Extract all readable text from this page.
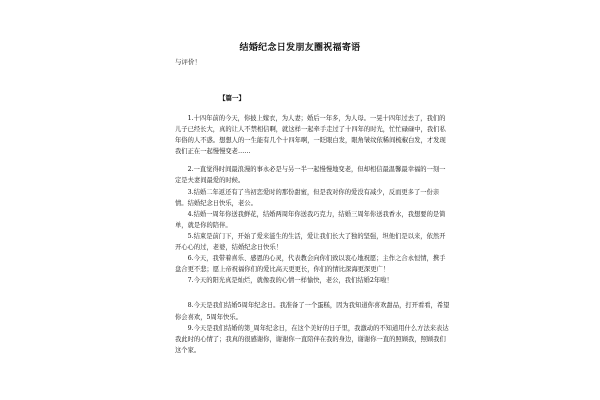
结婚纪念日发朋友圈祝福寄语
与评价！
【篇一】

1.十四年前的今天，你披上嫁衣，为人妻；婚后一年多，为人母。一晃十四年过去了，我们的儿子已经长大，真的让人不禁相信啊，就这样一起牵手走过了十四年的时光，忙忙碌碌中，我们私年俗的人不惑。想想人的一生能有几个十四年啊，一眨眼白发，眼角皱纹依稀间梳椒白发，才发现我们正在一起慢慢变老……

2.一直觉得时间最浪漫的事永必是与另一半一起慢慢地变老，但却相信最温馨最幸福的一刻一定是夫妻间最爱的时候。

3.结婚二年返还有了当初恋爱时的那份甜蜜，但是我对你的爱没有减少，反而更多了一份亲情。结婚纪念日快乐，老公。

4.结婚一周年你送我鲜花，结婚两周年你送我巧克力，结婚三周年你送我香水，我想要的是简单，就是你的陪伴。

5.结束是前门下，开始了爱来滋生的生活，爱让我们长大了独的坚强，坦他们是以来，依然开开心心的过，老婆，结婚纪念日快乐！

6.今天，我带着喜乐、感恩的心灵，代表教会向你们致以衷心地祝愿；主作之合永恒情，携手盘合更不悲；愿上帝祝福你们的爱比高天更更长，你们的情比深海更深更广！

7.今天的阳光真是灿烂，就像我的心情一样愉快，老公，我们结婚2年啦！

8.今天是我们结婚5周年纪念日。我准备了一个蛋糕，因为我知道你喜欢甜品，打开看看，希望你会喜欢，5周年快乐。

9.今天是我们结婚的第_周年纪念日，在这个美好的日子里，我激动的不知道用什么方法来表达我此时的心情了；我真的很感谢你，谢谢你一直陪伴在我的身边，谢谢你一直的照顾我，照顾我们这个家。
